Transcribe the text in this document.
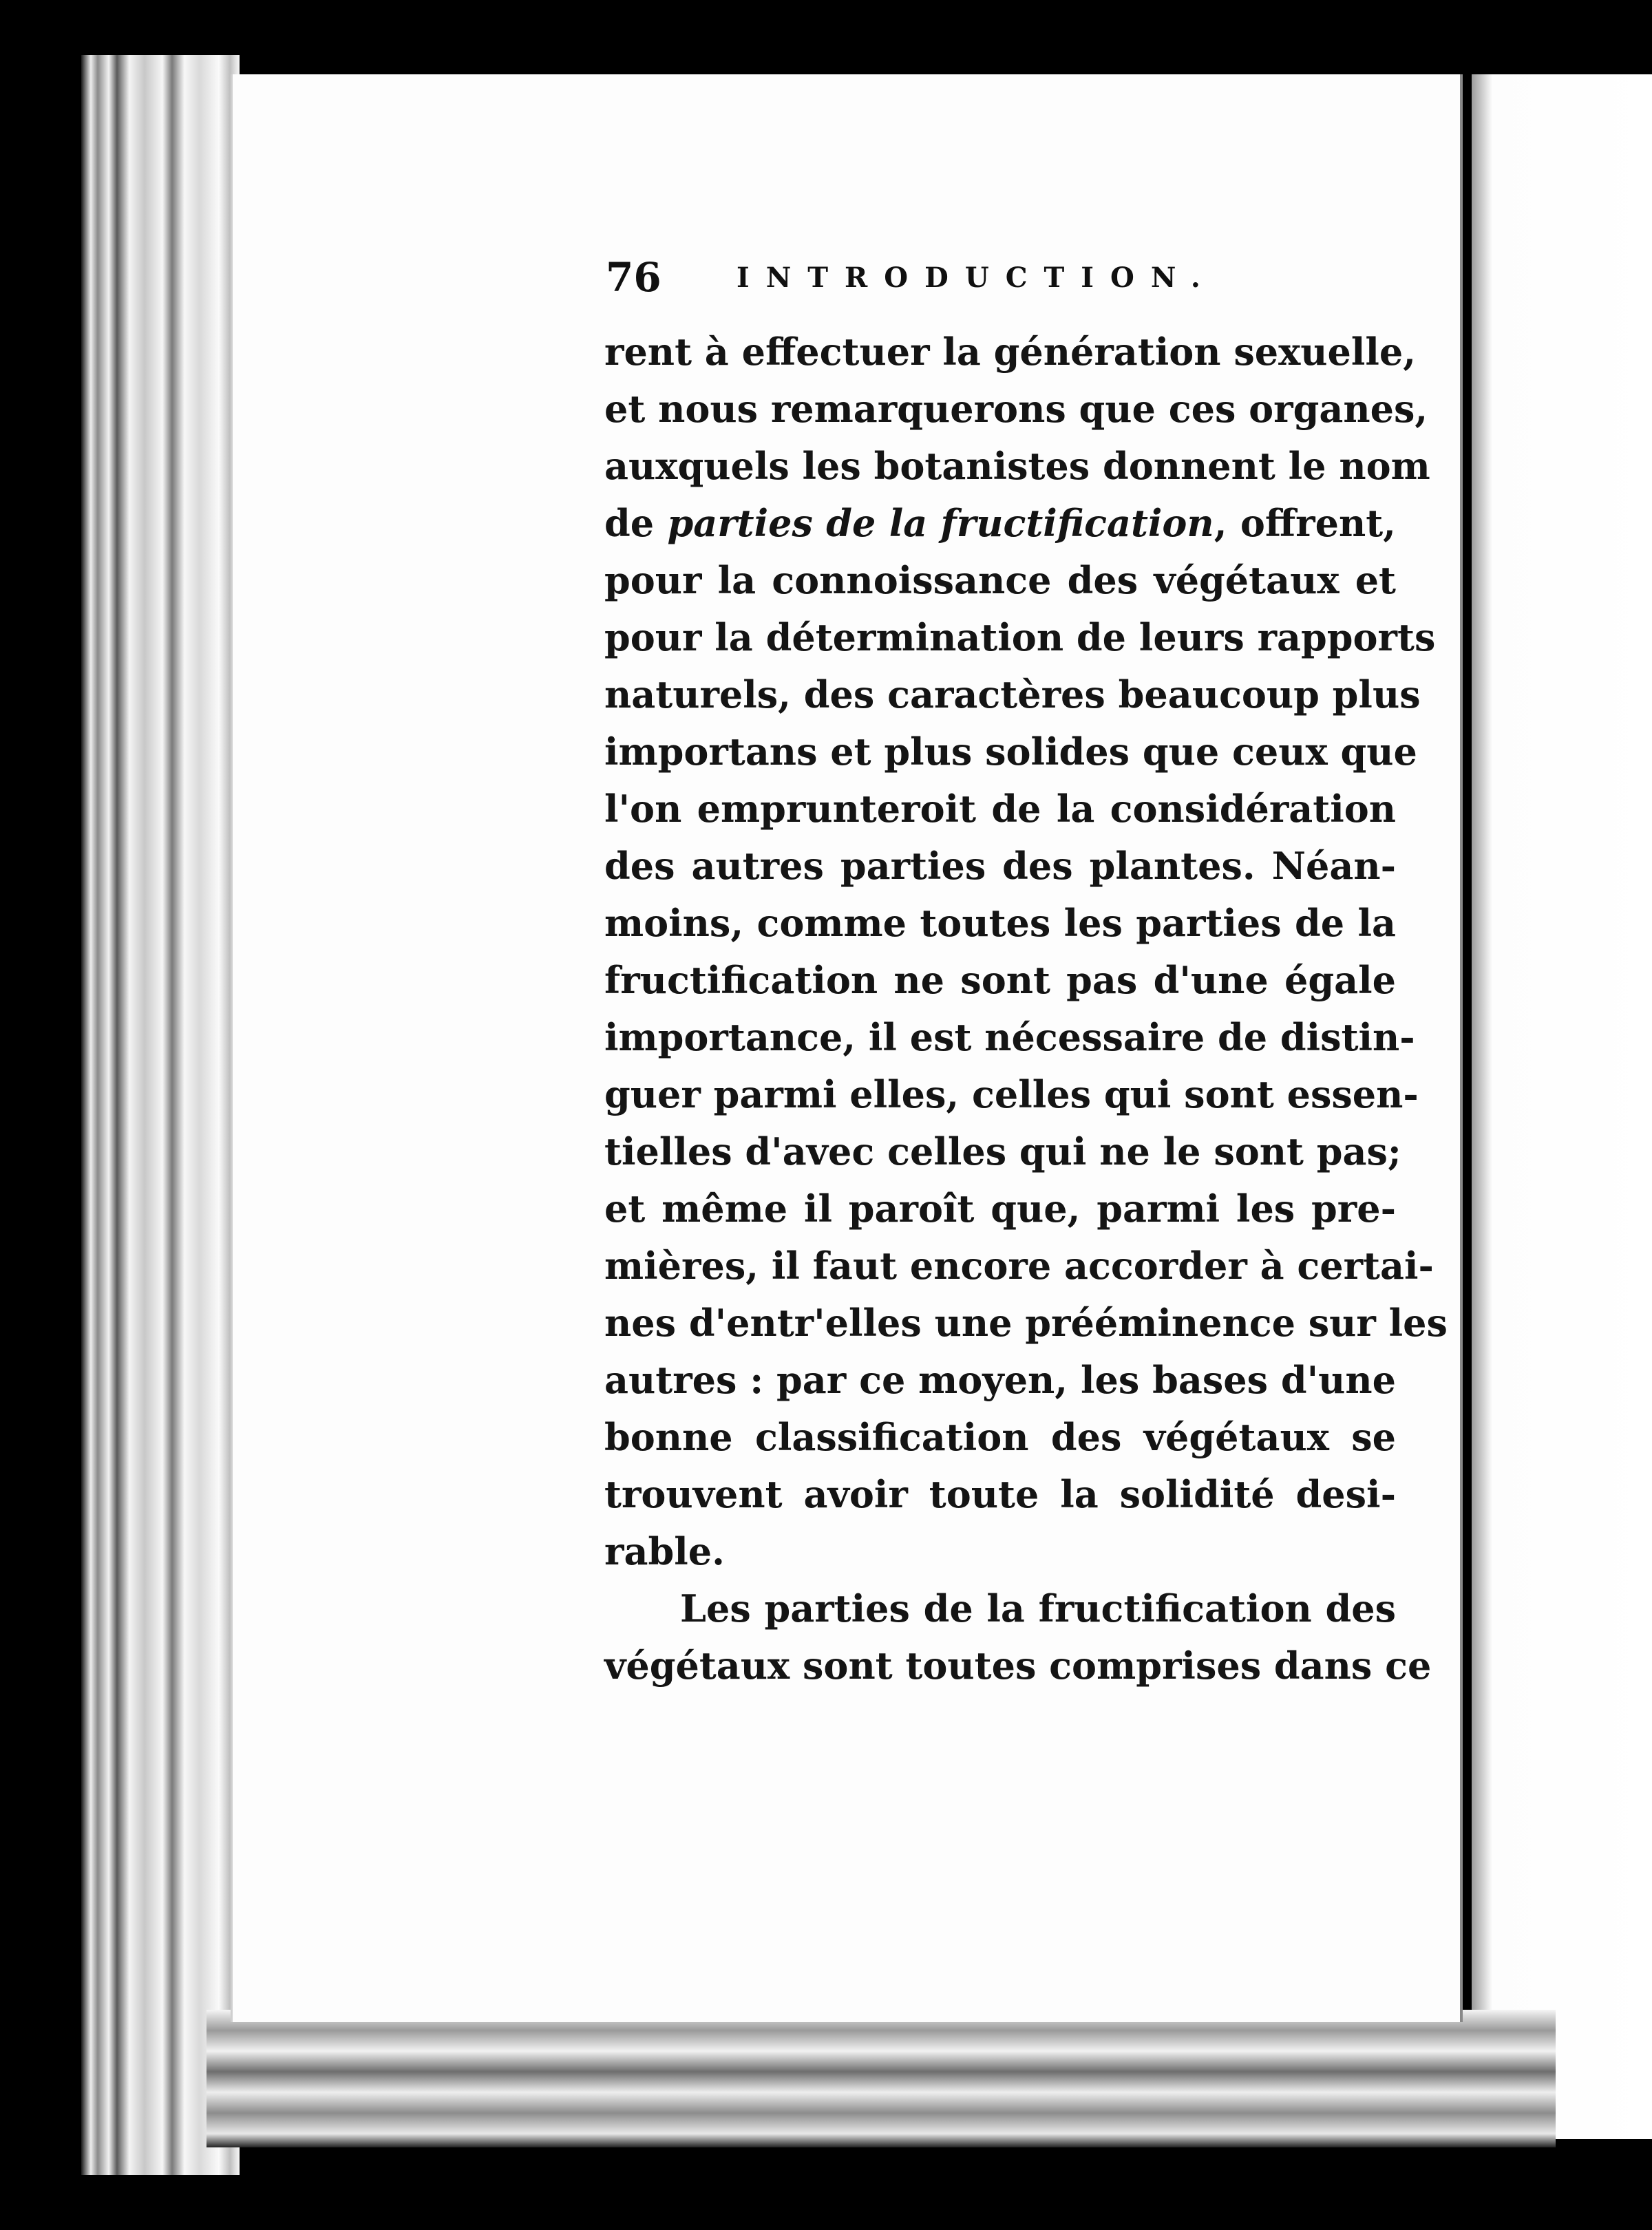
76	INTRODUCTION.
rent à effectuer la génération sexuelle,
et nous remarquerons que ces organes,
auxquels les botanistes donnent le nom
de parties de la fructification, offrent,
pour la connoissance des végétaux et
pour la détermination de leurs rapports
naturels, des caractères beaucoup plus
importans et plus solides que ceux que
l'on emprunteroit de la considération
des autres parties des plantes. Néan-
moins, comme toutes les parties de la
fructification ne sont pas d'une égale
importance, il est nécessaire de distin-
guer parmi elles, celles qui sont essen-
tielles d'avec celles qui ne le sont pas;
et même il paroît que, parmi les pre-
mières, il faut encore accorder à certai-
nes d'entr'elles une prééminence sur les
autres : par ce moyen, les bases d'une
bonne classification des végétaux se
trouvent avoir toute la solidité desi-
rable.
Les parties de la fructification des
végétaux sont toutes comprises dans ce
